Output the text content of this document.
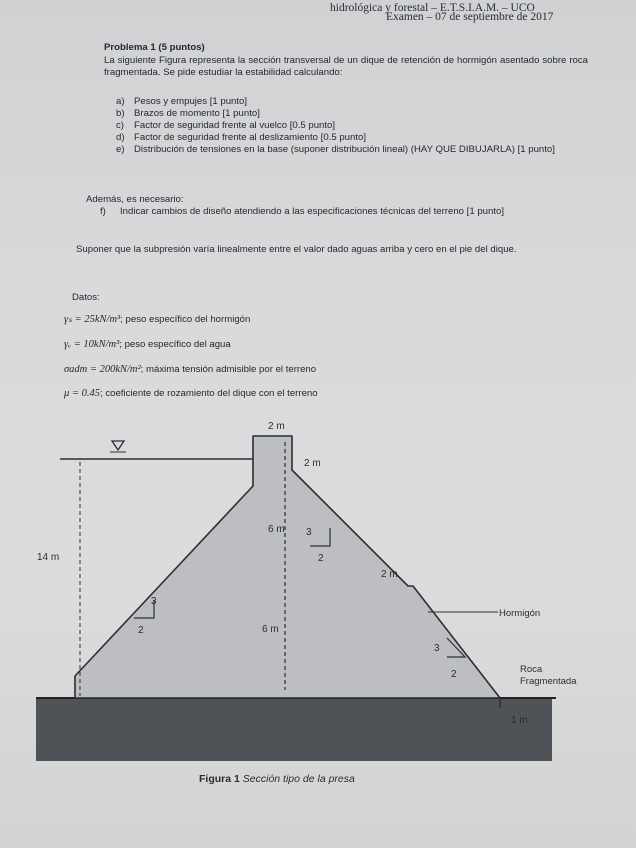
hidrológica y forestal – E.T.S.I.A.M. – UCO
Examen – 07 de septiembre de 2017
Problema 1 (5 puntos)
La siguiente Figura representa la sección transversal de un dique de retención de hormigón asentado sobre roca fragmentada. Se pide estudiar la estabilidad calculando:
a) Pesos y empujes [1 punto]
b) Brazos de momento [1 punto]
c) Factor de seguridad frente al vuelco [0.5 punto]
d) Factor de seguridad frente al deslizamiento [0.5 punto]
e) Distribución de tensiones en la base (suponer distribución lineal) (HAY QUE DIBUJARLA) [1 punto]
Además, es necesario:
f)	Indicar cambios de diseño atendiendo a las especificaciones técnicas del terreno [1 punto]
Suponer que la subpresión varía linealmente entre el valor dado aguas arriba y cero en el pie del dique.
Datos:
γₛ = 25kN/m³; peso específico del hormigón
γᵥ = 10kN/m³; peso específico del agua
σadm = 200kN/m²; máxima tensión admisible por el terreno
μ = 0.45; coeficiente de rozamiento del dique con el terreno
2 m
2 m
14 m
6 m
6 m
2 m
1 m
3
2
3
2
3
2
Hormigón
Roca
Fragmentada
Figura 1 Sección tipo de la presa
